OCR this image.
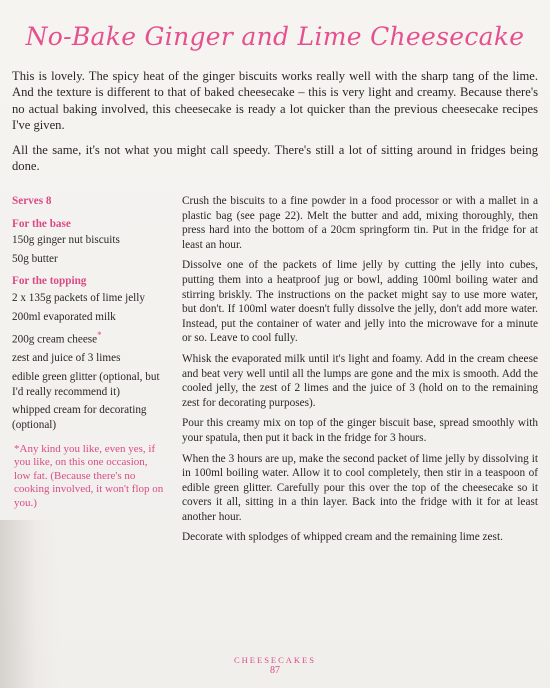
No-Bake Ginger and Lime Cheesecake

This is lovely. The spicy heat of the ginger biscuits works really well with the sharp tang of the lime. And the texture is different to that of baked cheesecake – this is very light and creamy. Because there's no actual baking involved, this cheesecake is ready a lot quicker than the previous cheesecake recipes I've given.

All the same, it's not what you might call speedy. There's still a lot of sitting around in fridges being done.

Serves 8
For the base
150g ginger nut biscuits
50g butter
For the topping
2 x 135g packets of lime jelly
200ml evaporated milk
200g cream cheese*
zest and juice of 3 limes
edible green glitter (optional, but I'd really recommend it)
whipped cream for decorating (optional)
*Any kind you like, even yes, if you like, on this one occasion, low fat. (Because there's no cooking involved, it won't flop on you.)

Crush the biscuits to a fine powder in a food processor or with a mallet in a plastic bag (see page 22). Melt the butter and add, mixing thoroughly, then press hard into the bottom of a 20cm springform tin. Put in the fridge for at least an hour.

Dissolve one of the packets of lime jelly by cutting the jelly into cubes, putting them into a heatproof jug or bowl, adding 100ml boiling water and stirring briskly. The instructions on the packet might say to use more water, but don't. If 100ml water doesn't fully dissolve the jelly, don't add more water. Instead, put the container of water and jelly into the microwave for a minute or so. Leave to cool fully.

Whisk the evaporated milk until it's light and foamy. Add in the cream cheese and beat very well until all the lumps are gone and the mix is smooth. Add the cooled jelly, the zest of 2 limes and the juice of 3 (hold on to the remaining zest for decorating purposes).

Pour this creamy mix on top of the ginger biscuit base, spread smoothly with your spatula, then put it back in the fridge for 3 hours.

When the 3 hours are up, make the second packet of lime jelly by dissolving it in 100ml boiling water. Allow it to cool completely, then stir in a teaspoon of edible green glitter. Carefully pour this over the top of the cheesecake so it covers it all, sitting in a thin layer. Back into the fridge with it for at least another hour.

Decorate with splodges of whipped cream and the remaining lime zest.

CHEESECAKES
87
